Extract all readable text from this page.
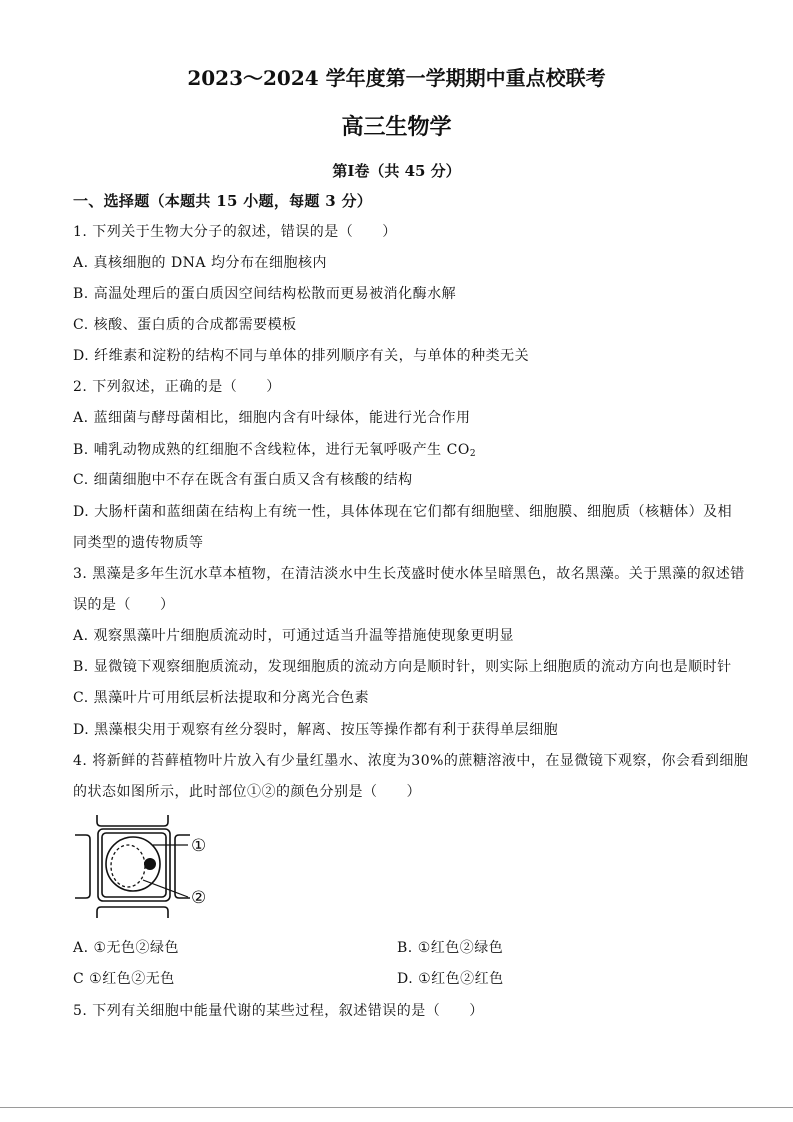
2023～2024 学年度第一学期期中重点校联考
高三生物学
第Ⅰ卷（共 45 分）
一、选择题（本题共 15 小题，每题 3 分）
1. 下列关于生物大分子的叙述，错误的是（　　）
A. 真核细胞的 DNA 均分布在细胞核内
B. 高温处理后的蛋白质因空间结构松散而更易被消化酶水解
C. 核酸、蛋白质的合成都需要模板
D. 纤维素和淀粉的结构不同与单体的排列顺序有关，与单体的种类无关
2. 下列叙述，正确的是（　　）
A. 蓝细菌与酵母菌相比，细胞内含有叶绿体，能进行光合作用
B. 哺乳动物成熟的红细胞不含线粒体，进行无氧呼吸产生 $CO_2$
C. 细菌细胞中不存在既含有蛋白质又含有核酸的结构
D. 大肠杆菌和蓝细菌在结构上有统一性，具体体现在它们都有细胞壁、细胞膜、细胞质（核糖体）及相
同类型的遗传物质等
3. 黑藻是多年生沉水草本植物，在清洁淡水中生长茂盛时使水体呈暗黑色，故名黑藻。关于黑藻的叙述错
误的是（　　）
A. 观察黑藻叶片细胞质流动时，可通过适当升温等措施使现象更明显
B. 显微镜下观察细胞质流动，发现细胞质的流动方向是顺时针，则实际上细胞质的流动方向也是顺时针
C. 黑藻叶片可用纸层析法提取和分离光合色素
D. 黑藻根尖用于观察有丝分裂时，解离、按压等操作都有利于获得单层细胞
4. 将新鲜的苔藓植物叶片放入有少量红墨水、浓度为30%的蔗糖溶液中，在显微镜下观察，你会看到细胞
的状态如图所示，此时部位①②的颜色分别是（　　）
①
②
A. ①无色②绿色	B. ①红色②绿色
C ①红色②无色	D. ①红色②红色
5. 下列有关细胞中能量代谢的某些过程，叙述错误的是（　　）
